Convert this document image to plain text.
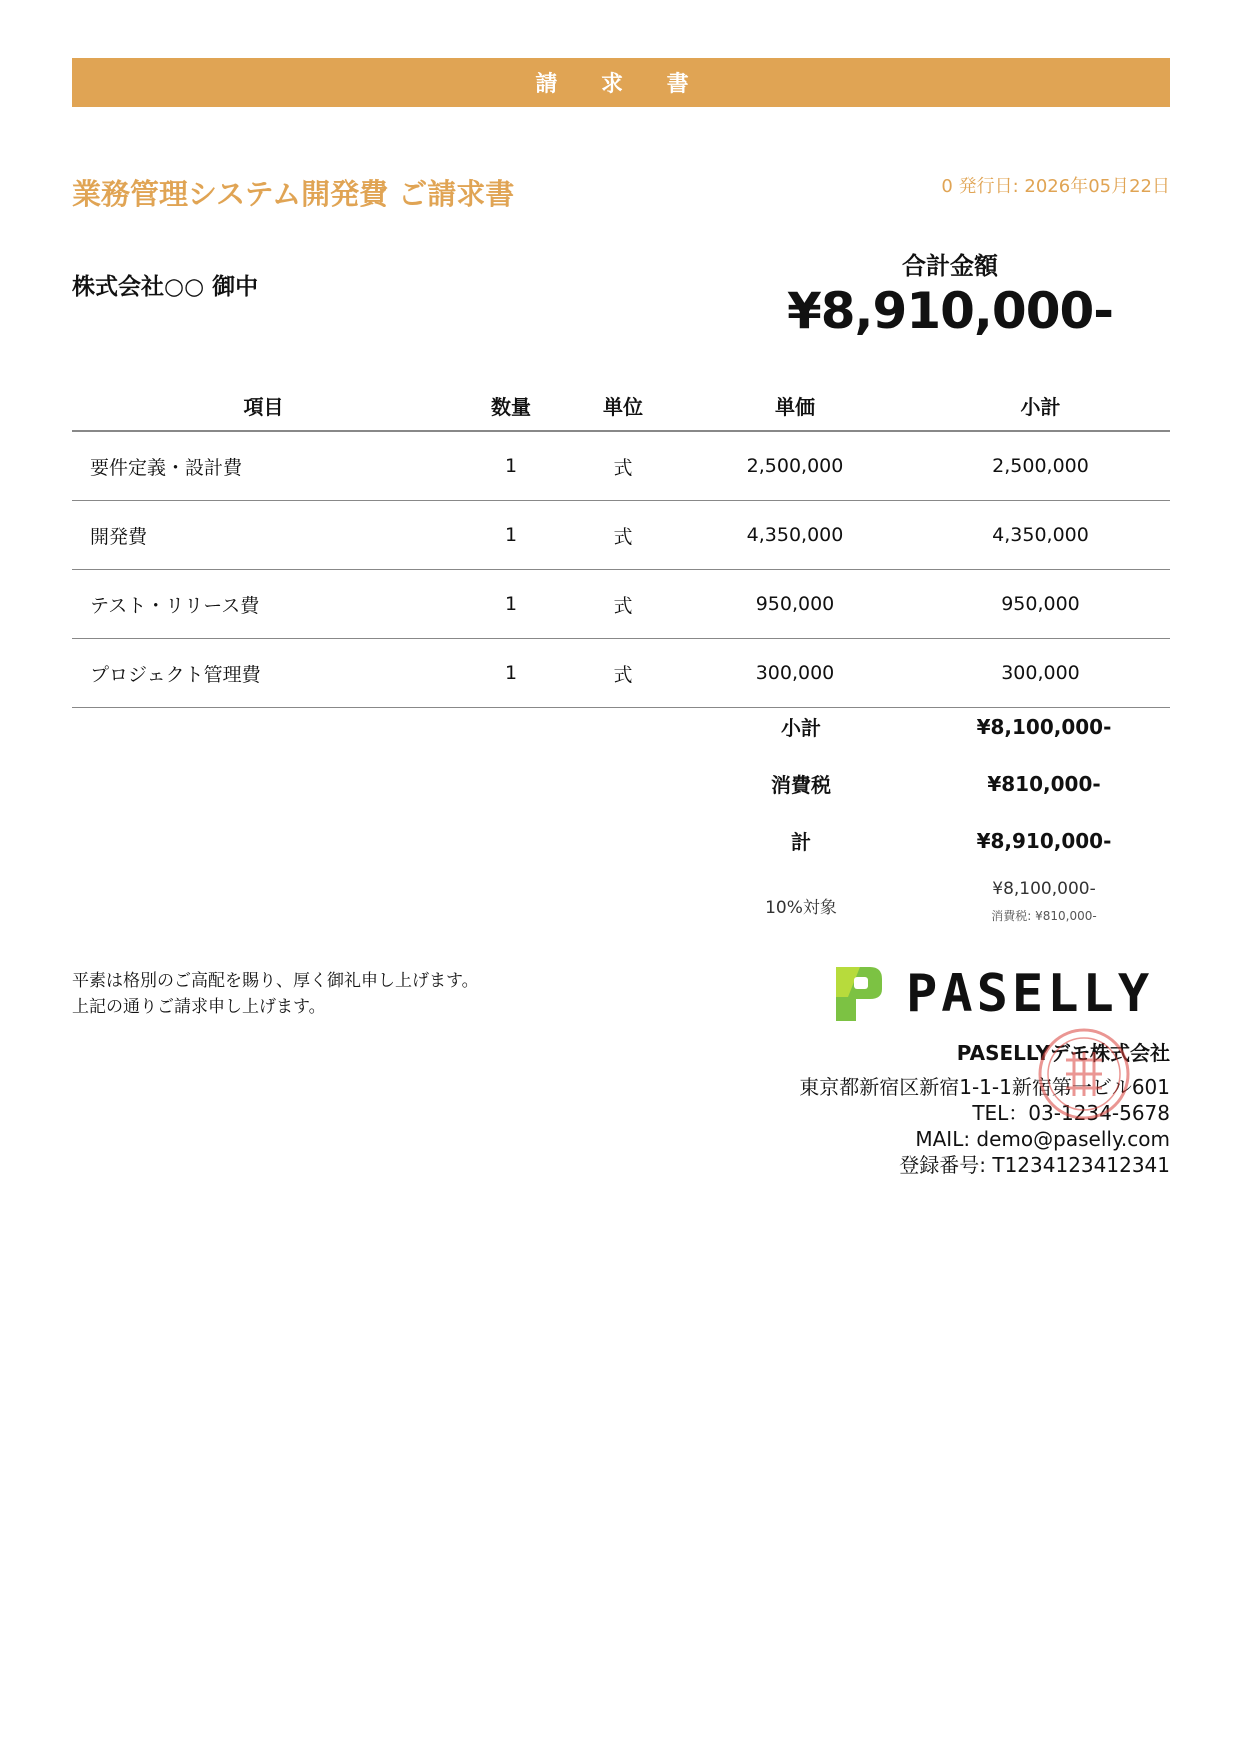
請 求 書
業務管理システム開発費 ご請求書	0 発行日: 2026年05月22日
株式会社○○ 御中
合計金額
¥8,910,000-
項目	数量	単位	単価	小計
要件定義・設計費	1	式	2,500,000	2,500,000
開発費	1	式	4,350,000	4,350,000
テスト・リリース費	1	式	950,000	950,000
プロジェクト管理費	1	式	300,000	300,000
小計	¥8,100,000-
消費税	¥810,000-
計	¥8,910,000-
10%対象
¥8,100,000-
消費税: ¥810,000-
平素は格別のご高配を賜り、厚く御礼申し上げます。
上記の通りご請求申し上げます。	PASELLY
PASELLYデモ株式会社
東京都新宿区新宿1-1-1新宿第一ビル601
TEL：03-1234-5678
MAIL: demo@paselly.com
登録番号: T1234123412341
